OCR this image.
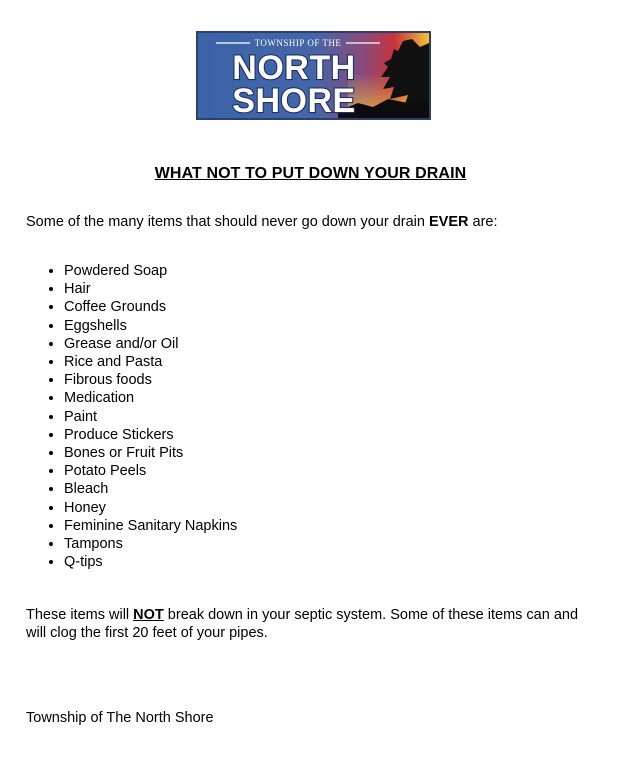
TOWNSHIP OF THE
NORTH
SHORE
WHAT NOT TO PUT DOWN YOUR DRAIN
Some of the many items that should never go down your drain EVER are:
• Powdered Soap
• Hair
• Coffee Grounds
• Eggshells
• Grease and/or Oil
• Rice and Pasta
• Fibrous foods
• Medication
• Paint
• Produce Stickers
• Bones or Fruit Pits
• Potato Peels
• Bleach
• Honey
• Feminine Sanitary Napkins
• Tampons
• Q-tips
These items will NOT break down in your septic system. Some of these items can and will clog the first 20 feet of your pipes.
Township of The North Shore
